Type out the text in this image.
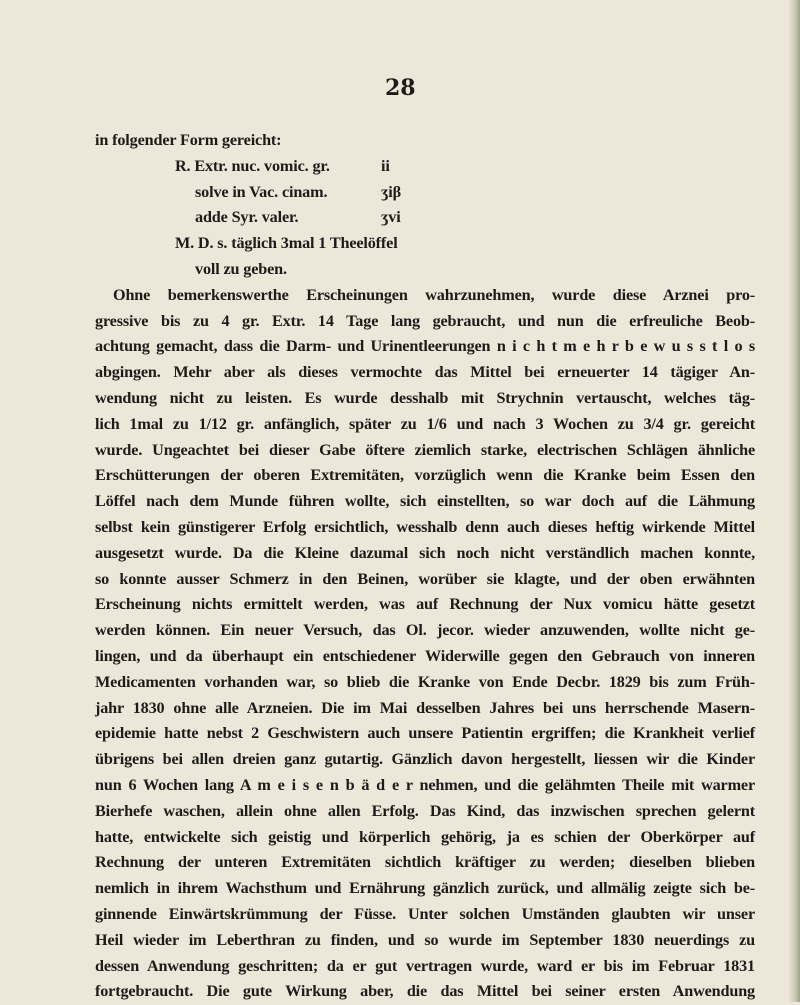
28

in folgender Form gereicht:

R. Extr. nuc. vomic. gr.	ii
solve in Vac. cinam.	ʒiβ
adde Syr. valer.	ʒvi
M. D. s. täglich 3mal 1 Theelöffel
voll zu geben.
Ohne bemerkenswerthe Erscheinungen wahrzunehmen, wurde diese Arznei pro-
gressive bis zu 4 gr. Extr. 14 Tage lang gebraucht, und nun die erfreuliche Beob-
achtung gemacht, dass die Darm- und Urinentleerungen n i c h t m e h r b e w u s s t l o s
abgingen. Mehr aber als dieses vermochte das Mittel bei erneuerter 14 tägiger An-
wendung nicht zu leisten. Es wurde desshalb mit Strychnin vertauscht, welches täg-
lich 1mal zu 1/12 gr. anfänglich, später zu 1/6 und nach 3 Wochen zu 3/4 gr. gereicht
wurde. Ungeachtet bei dieser Gabe öftere ziemlich starke, electrischen Schlägen ähnliche
Erschütterungen der oberen Extremitäten, vorzüglich wenn die Kranke beim Essen den
Löffel nach dem Munde führen wollte, sich einstellten, so war doch auf die Lähmung
selbst kein günstigerer Erfolg ersichtlich, wesshalb denn auch dieses heftig wirkende Mittel
ausgesetzt wurde. Da die Kleine dazumal sich noch nicht verständlich machen konnte,
so konnte ausser Schmerz in den Beinen, worüber sie klagte, und der oben erwähnten
Erscheinung nichts ermittelt werden, was auf Rechnung der Nux vomicu hätte gesetzt
werden können. Ein neuer Versuch, das Ol. jecor. wieder anzuwenden, wollte nicht ge-
lingen, und da überhaupt ein entschiedener Widerwille gegen den Gebrauch von inneren
Medicamenten vorhanden war, so blieb die Kranke von Ende Decbr. 1829 bis zum Früh-
jahr 1830 ohne alle Arzneien. Die im Mai desselben Jahres bei uns herrschende Masern-
epidemie hatte nebst 2 Geschwistern auch unsere Patientin ergriffen; die Krankheit verlief
übrigens bei allen dreien ganz gutartig. Gänzlich davon hergestellt, liessen wir die Kinder
nun 6 Wochen lang A m e i s e n b ä d e r nehmen, und die gelähmten Theile mit warmer
Bierhefe waschen, allein ohne allen Erfolg. Das Kind, das inzwischen sprechen gelernt
hatte, entwickelte sich geistig und körperlich gehörig, ja es schien der Oberkörper auf
Rechnung der unteren Extremitäten sichtlich kräftiger zu werden; dieselben blieben
nemlich in ihrem Wachsthum und Ernährung gänzlich zurück, und allmälig zeigte sich be-
ginnende Einwärtskrümmung der Füsse. Unter solchen Umständen glaubten wir unser
Heil wieder im Leberthran zu finden, und so wurde im September 1830 neuerdings zu
dessen Anwendung geschritten; da er gut vertragen wurde, ward er bis im Februar 1831
fortgebraucht. Die gute Wirkung aber, die das Mittel bei seiner ersten Anwendung
